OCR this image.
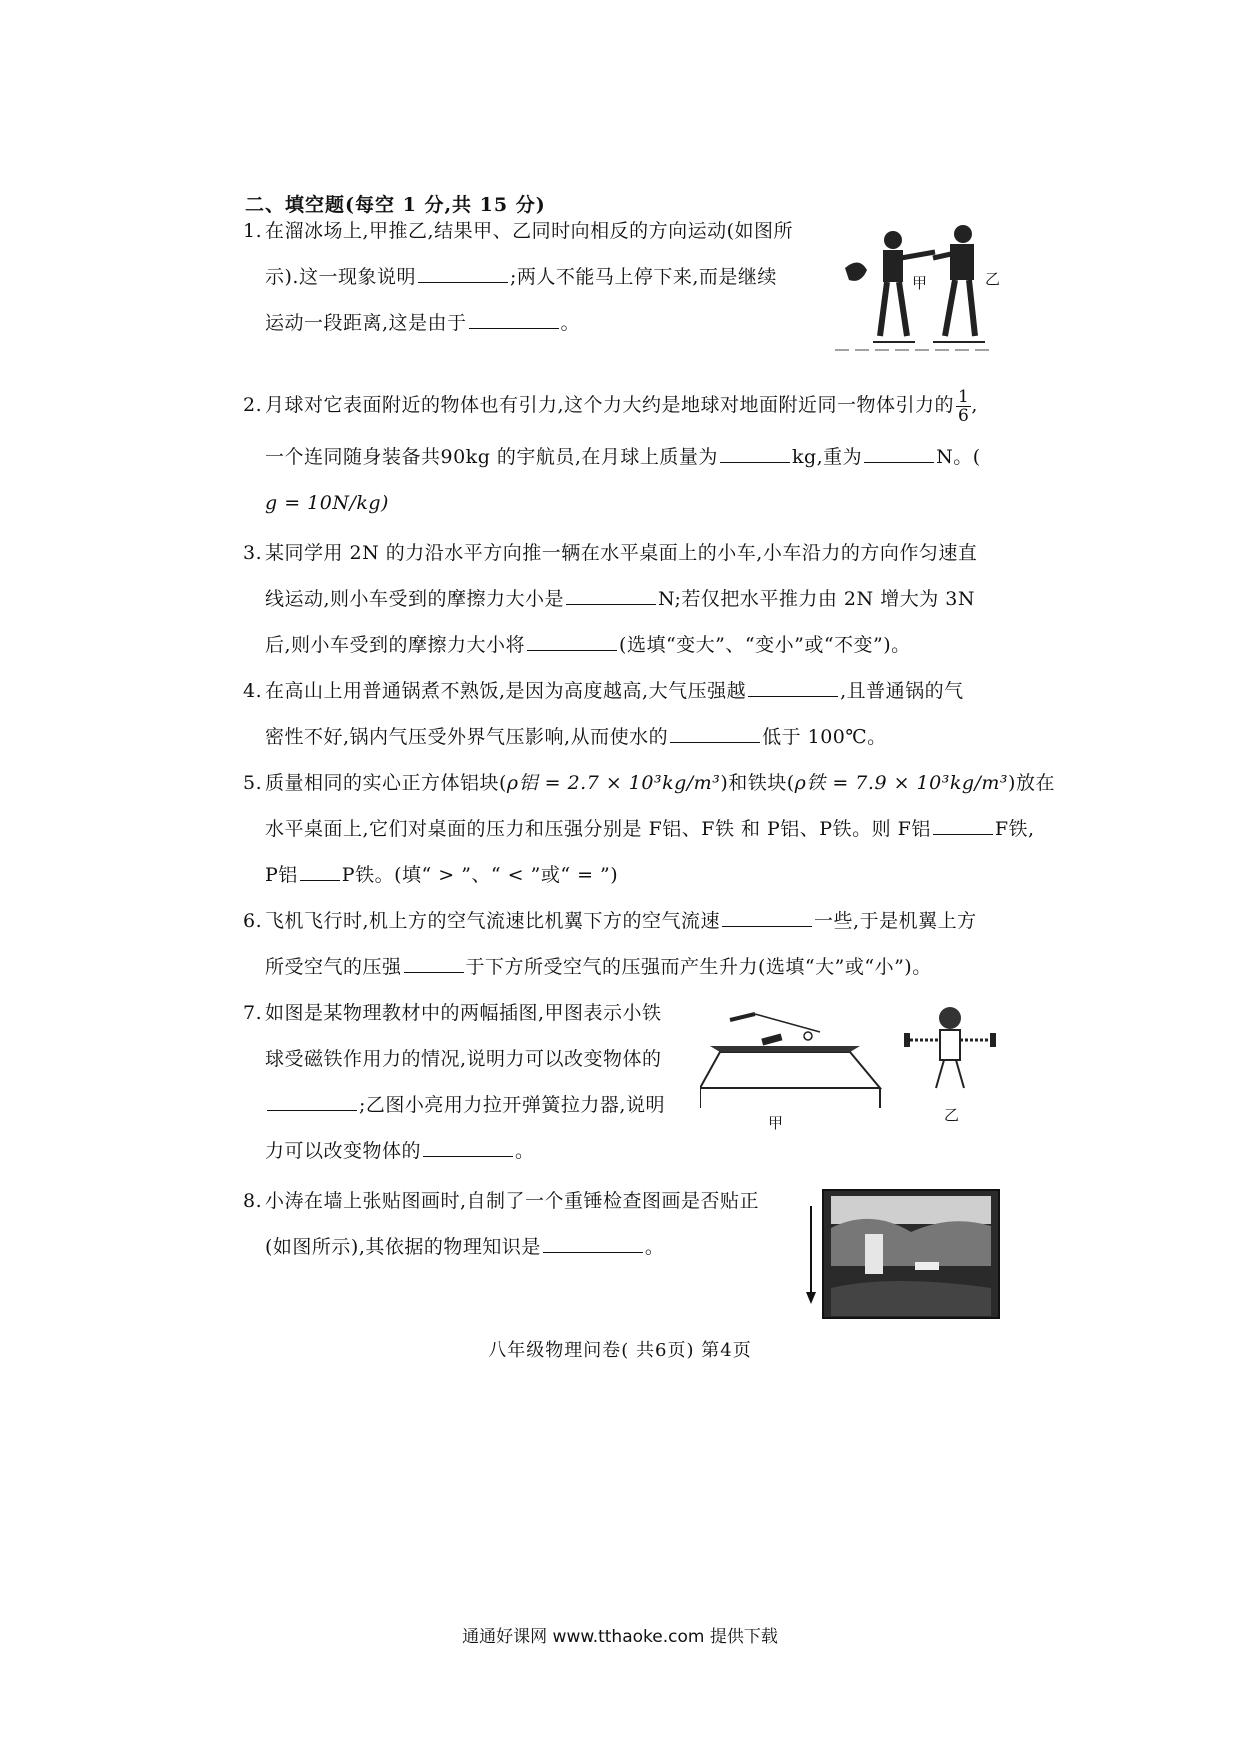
二、填空题(每空 1 分,共 15 分)
1. 在溜冰场上,甲推乙,结果甲、乙同时向相反的方向运动(如图所
示).这一现象说明	;两人不能马上停下来,而是继续
运动一段距离,这是由于	。
甲	乙
2. 月球对它表面附近的物体也有引力,这个力大约是地球对地面附近同一物体引力的 $\frac{1}{6}$ ,
一个连同随身装备共90kg 的宇航员,在月球上质量为	kg,重为	N。(
g = 10N/kg)
3. 某同学用 2N 的力沿水平方向推一辆在水平桌面上的小车,小车沿力的方向作匀速直
线运动,则小车受到的摩擦力大小是	N;若仅把水平推力由 2N 增大为 3N
后,则小车受到的摩擦力大小将	(选填“变大”、“变小”或“不变”)。
4. 在高山上用普通锅煮不熟饭,是因为高度越高,大气压强越	,且普通锅的气
密性不好,锅内气压受外界气压影响,从而使水的	低于 100℃。
5. 质量相同的实心正方体铝块(ρ铝 = 2.7 × 10³kg/m³)和铁块(ρ铁 = 7.9 × 10³kg/m³)放在
水平桌面上,它们对桌面的压力和压强分别是 F铝、F铁 和 P铝、P铁。则 F铝	F铁,
P铝 P铁。(填“ > ”、“ < ”或“ = ”)
6. 飞机飞行时,机上方的空气流速比机翼下方的空气流速	一些,于是机翼上方
所受空气的压强	于下方所受空气的压强而产生升力(选填“大”或“小”)。
7. 如图是某物理教材中的两幅插图,甲图表示小铁
球受磁铁作用力的情况,说明力可以改变物体的
;乙图小亮用力拉开弹簧拉力器,说明
力可以改变物体的	。
甲	乙
8. 小涛在墙上张贴图画时,自制了一个重锤检查图画是否贴正
(如图所示),其依据的物理知识是	。
八年级物理问卷( 共6页) 第4页
通通好课网 www.tthaoke.com 提供下载
